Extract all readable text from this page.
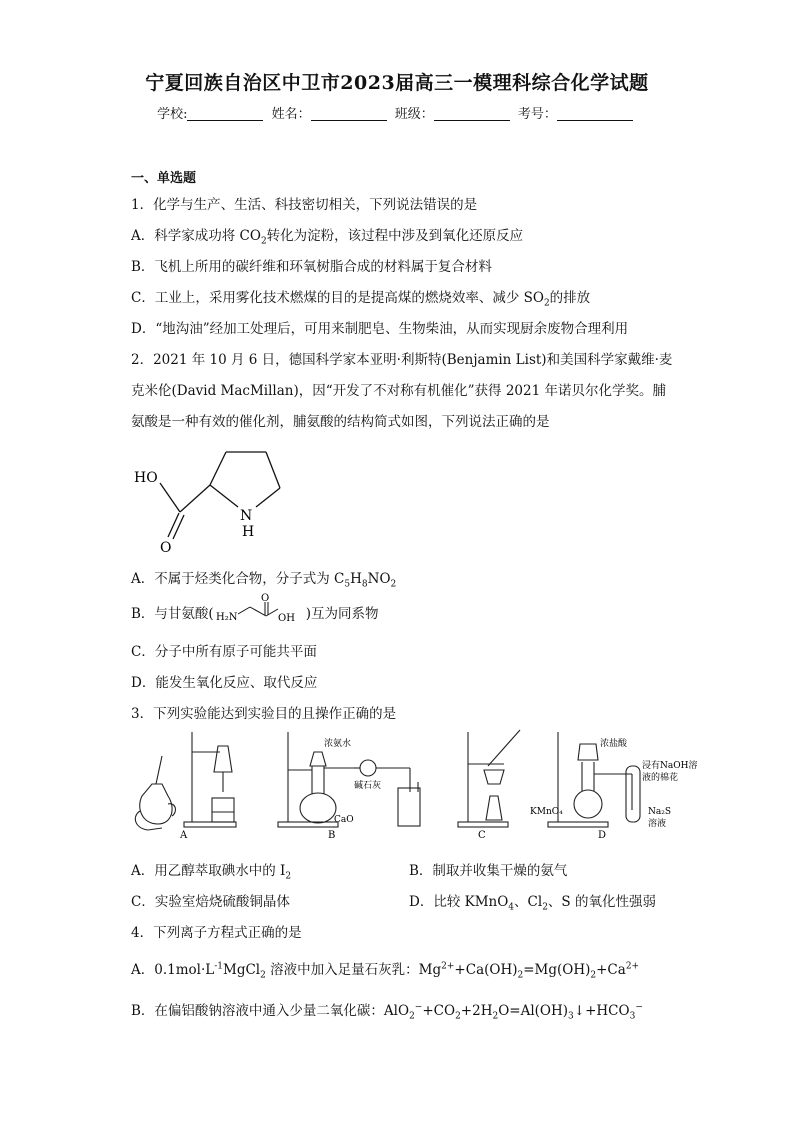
宁夏回族自治区中卫市2023届高三一模理科综合化学试题
学校:	姓名：	班级：	考号：
一、单选题
1．化学与生产、生活、科技密切相关，下列说法错误的是
A．科学家成功将 $CO_2$转化为淀粉，该过程中涉及到氧化还原反应
B．飞机上所用的碳纤维和环氧树脂合成的材料属于复合材料
C．工业上，采用雾化技术燃煤的目的是提高煤的燃烧效率、减少 $SO_2$的排放
D．“地沟油”经加工处理后，可用来制肥皂、生物柴油，从而实现厨余废物合理利用
2．2021 年 10 月 6 日，德国科学家本亚明·利斯特(Benjamin List)和美国科学家戴维·麦
克米伦(David MacMillan)，因“开发了不对称有机催化”获得 2021 年诺贝尔化学奖。脯
氨酸是一种有效的催化剂，脯氨酸的结构简式如图，下列说法正确的是
HO
N
H
O
A．不属于烃类化合物，分子式为 $C_5H_8NO_2$
B．与甘氨酸(	)互为同系物
H₂N
O
OH
C．分子中所有原子可能共平面
D．能发生氧化反应、取代反应
3．下列实验能达到实验目的且操作正确的是
A	B	C	D
浓氨水
碱石灰
CaO
浓盐酸
浸有NaOH溶
液的棉花
KMnO₄	Na₂S
溶液
A．用乙醇萃取碘水中的 $I_2$	B．制取并收集干燥的氨气
C．实验室焙烧硫酸铜晶体	D．比较 KMnO$_4$、$Cl_2$、S 的氧化性强弱
4．下列离子方程式正确的是
A．$0.1mol\cdot L^{-1}MgCl_2$ 溶液中加入足量石灰乳：$Mg^{2+}+Ca(OH)_2=Mg(OH)_2+Ca^{2+}$
B．在偏铝酸钠溶液中通入少量二氧化碳：$AlO_2^-+CO_2+2H_2O=Al(OH)_3↓+HCO_3^-$
